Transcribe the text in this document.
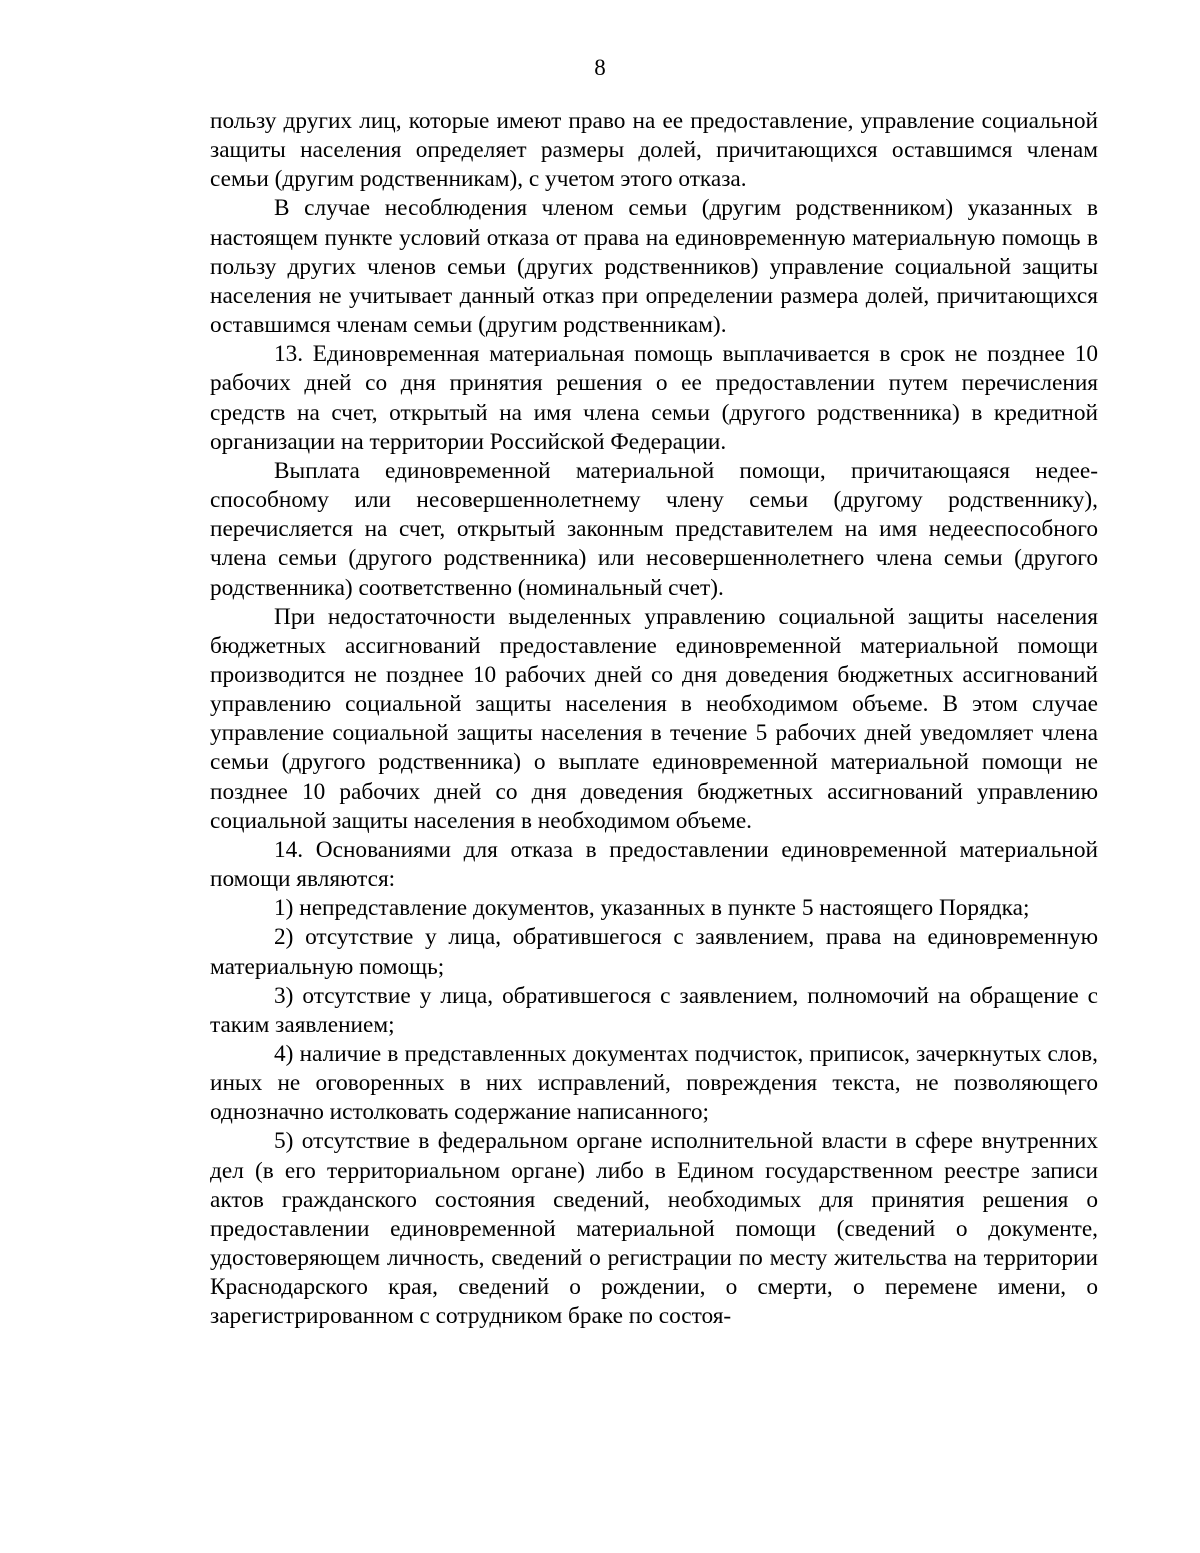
8

пользу других лиц, которые имеют право на ее предоставление, управление социальной защиты населения определяет размеры долей, причитающихся оставшимся членам семьи (другим родственникам), с учетом этого отказа.

В случае несоблюдения членом семьи (другим родственником) указанных в настоящем пункте условий отказа от права на единовременную материальную помощь в пользу других членов семьи (других родственников) управление социальной защиты населения не учитывает данный отказ при определении размера долей, причитающихся оставшимся членам семьи (другим родственникам).

13. Единовременная материальная помощь выплачивается в срок не позднее 10 рабочих дней со дня принятия решения о ее предоставлении путем перечисления средств на счет, открытый на имя члена семьи (другого родственника) в кредитной организации на территории Российской Федерации.

Выплата единовременной материальной помощи, причитающаяся недееспособному или несовершеннолетнему члену семьи (другому родственнику), перечисляется на счет, открытый законным представителем на имя недееспособного члена семьи (другого родственника) или несовершеннолетнего члена семьи (другого родственника) соответственно (номинальный счет).

При недостаточности выделенных управлению социальной защиты населения бюджетных ассигнований предоставление единовременной материальной помощи производится не позднее 10 рабочих дней со дня доведения бюджетных ассигнований управлению социальной защиты населения в необходимом объеме. В этом случае управление социальной защиты населения в течение 5 рабочих дней уведомляет члена семьи (другого родственника) о выплате единовременной материальной помощи не позднее 10 рабочих дней со дня доведения бюджетных ассигнований управлению социальной защиты населения в необходимом объеме.

14. Основаниями для отказа в предоставлении единовременной материальной помощи являются:

1) непредставление документов, указанных в пункте 5 настоящего Порядка;

2) отсутствие у лица, обратившегося с заявлением, права на единовременную материальную помощь;

3) отсутствие у лица, обратившегося с заявлением, полномочий на обращение с таким заявлением;

4) наличие в представленных документах подчисток, приписок, зачеркнутых слов, иных не оговоренных в них исправлений, повреждения текста, не позволяющего однозначно истолковать содержание написанного;

5) отсутствие в федеральном органе исполнительной власти в сфере внутренних дел (в его территориальном органе) либо в Едином государственном реестре записи актов гражданского состояния сведений, необходимых для принятия решения о предоставлении единовременной материальной помощи (сведений о документе, удостоверяющем личность, сведений о регистрации по месту жительства на территории Краснодарского края, сведений о рождении, о смерти, о перемене имени, о зарегистрированном с сотрудником браке по состоя-
